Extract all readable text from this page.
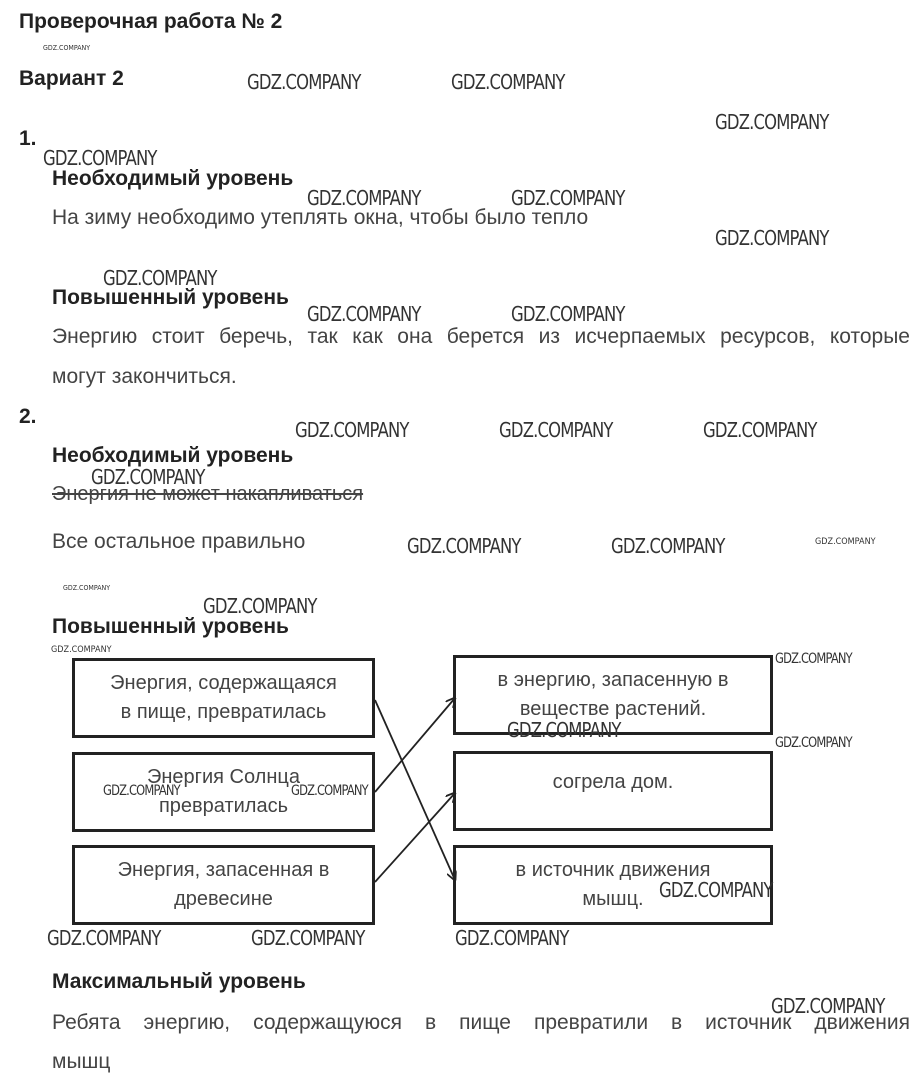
Проверочная работа № 2
Вариант 2
1.
Необходимый уровень
На зиму необходимо утеплять окна, чтобы было тепло
Повышенный уровень
Энергию стоит беречь, так как она берется из исчерпаемых ресурсов, которые
могут закончиться.
2.
Необходимый уровень
Энергия не может накапливаться
Все остальное правильно
Повышенный уровень
Энергия, содержащаяся
в пище, превратилась
Энергия Солнца
превратилась
Энергия, запасенная в
древесине
в энергию, запасенную в
веществе растений.
согрела дом.
в источник движения
мышц.
Максимальный уровень
Ребята энергию, содержащуюся в пище превратили в источник движения
мышц
GDZ.COMPANY
GDZ.COMPANY	GDZ.COMPANY
GDZ.COMPANY
GDZ.COMPANY
GDZ.COMPANY	GDZ.COMPANY
GDZ.COMPANY
GDZ.COMPANY
GDZ.COMPANY	GDZ.COMPANY
GDZ.COMPANY	GDZ.COMPANY	GDZ.COMPANY
GDZ.COMPANY
GDZ.COMPANY	GDZ.COMPANY	GDZ.COMPANY
GDZ.COMPANY
GDZ.COMPANY
GDZ.COMPANY
GDZ.COMPANY
GDZ.COMPANY
GDZ.COMPANY
GDZ.COMPANY	GDZ.COMPANY
GDZ.COMPANY
GDZ.COMPANY	GDZ.COMPANY	GDZ.COMPANY
GDZ.COMPANY
